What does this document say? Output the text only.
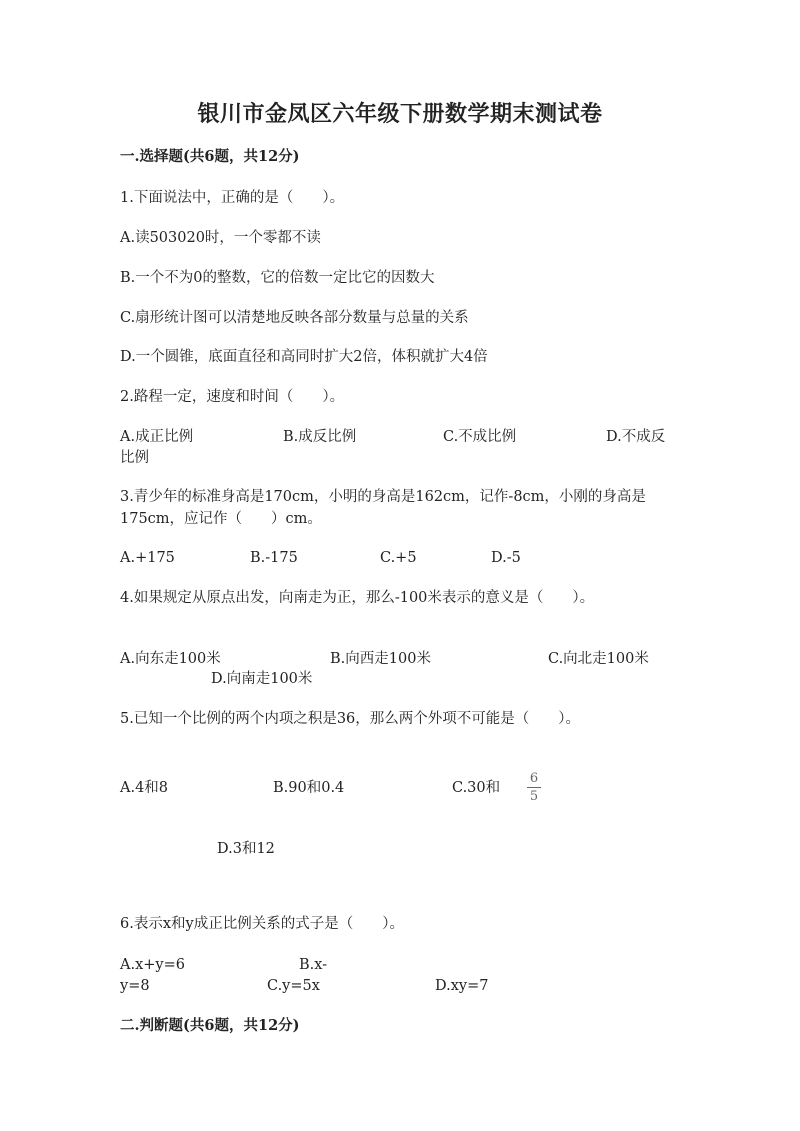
银川市金凤区六年级下册数学期末测试卷
一.选择题(共6题，共12分)
1.下面说法中，正确的是（　　）。
A.读503020时，一个零都不读
B.一个不为0的整数，它的倍数一定比它的因数大
C.扇形统计图可以清楚地反映各部分数量与总量的关系
D.一个圆锥，底面直径和高同时扩大2倍，体积就扩大4倍
2.路程一定，速度和时间（　　）。
A.成正比例	B.成反比例	C.不成比例	D.不成反
比例
3.青少年的标准身高是170cm，小明的身高是162cm，记作-8cm，小刚的身高是
175cm，应记作（　　）cm。
A.+175	B.-175	C.+5	D.-5
4.如果规定从原点出发，向南走为正，那么-100米表示的意义是（　　）。
A.向东走100米	B.向西走100米	C.向北走100米
D.向南走100米
5.已知一个比例的两个内项之积是36，那么两个外项不可能是（　　）。
A.4和8	B.90和0.4	C.30和
6
5
D.3和12
6.表示x和y成正比例关系的式子是（　　）。
A.x+y=6	B.x-
y=8	C.y=5x	D.xy=7
二.判断题(共6题，共12分)
